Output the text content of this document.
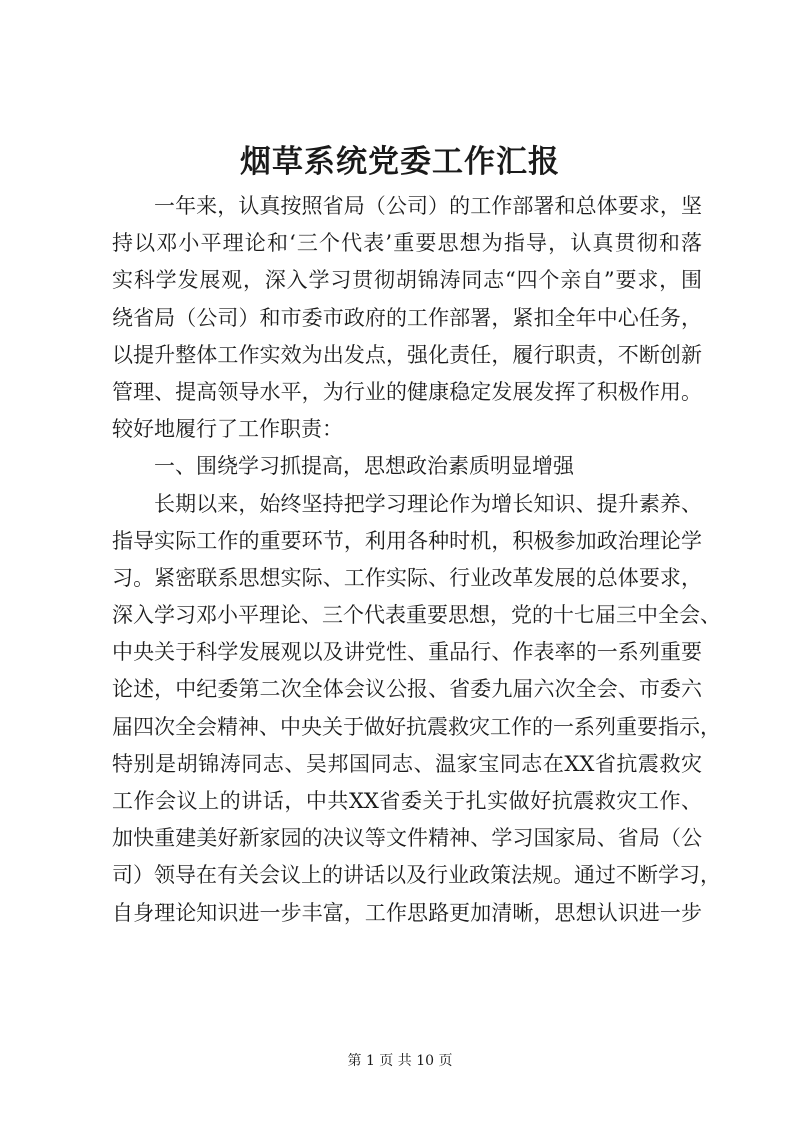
烟草系统党委工作汇报
一年来，认真按照省局（公司）的工作部署和总体要求，坚
持以邓小平理论和‘三个代表’重要思想为指导，认真贯彻和落
实科学发展观，深入学习贯彻胡锦涛同志“四个亲自”要求，围
绕省局（公司）和市委市政府的工作部署，紧扣全年中心任务，
以提升整体工作实效为出发点，强化责任，履行职责，不断创新
管理、提高领导水平，为行业的健康稳定发展发挥了积极作用。
较好地履行了工作职责：
一、围绕学习抓提高，思想政治素质明显增强
长期以来，始终坚持把学习理论作为增长知识、提升素养、
指导实际工作的重要环节，利用各种时机，积极参加政治理论学
习。紧密联系思想实际、工作实际、行业改革发展的总体要求，
深入学习邓小平理论、三个代表重要思想，党的十七届三中全会、
中央关于科学发展观以及讲党性、重品行、作表率的一系列重要
论述，中纪委第二次全体会议公报、省委九届六次全会、市委六
届四次全会精神、中央关于做好抗震救灾工作的一系列重要指示，
特别是胡锦涛同志、吴邦国同志、温家宝同志在XX省抗震救灾
工作会议上的讲话，中共XX省委关于扎实做好抗震救灾工作、
加快重建美好新家园的决议等文件精神、学习国家局、省局（公
司）领导在有关会议上的讲话以及行业政策法规。通过不断学习，
自身理论知识进一步丰富，工作思路更加清晰，思想认识进一步
第 1 页 共 10 页
